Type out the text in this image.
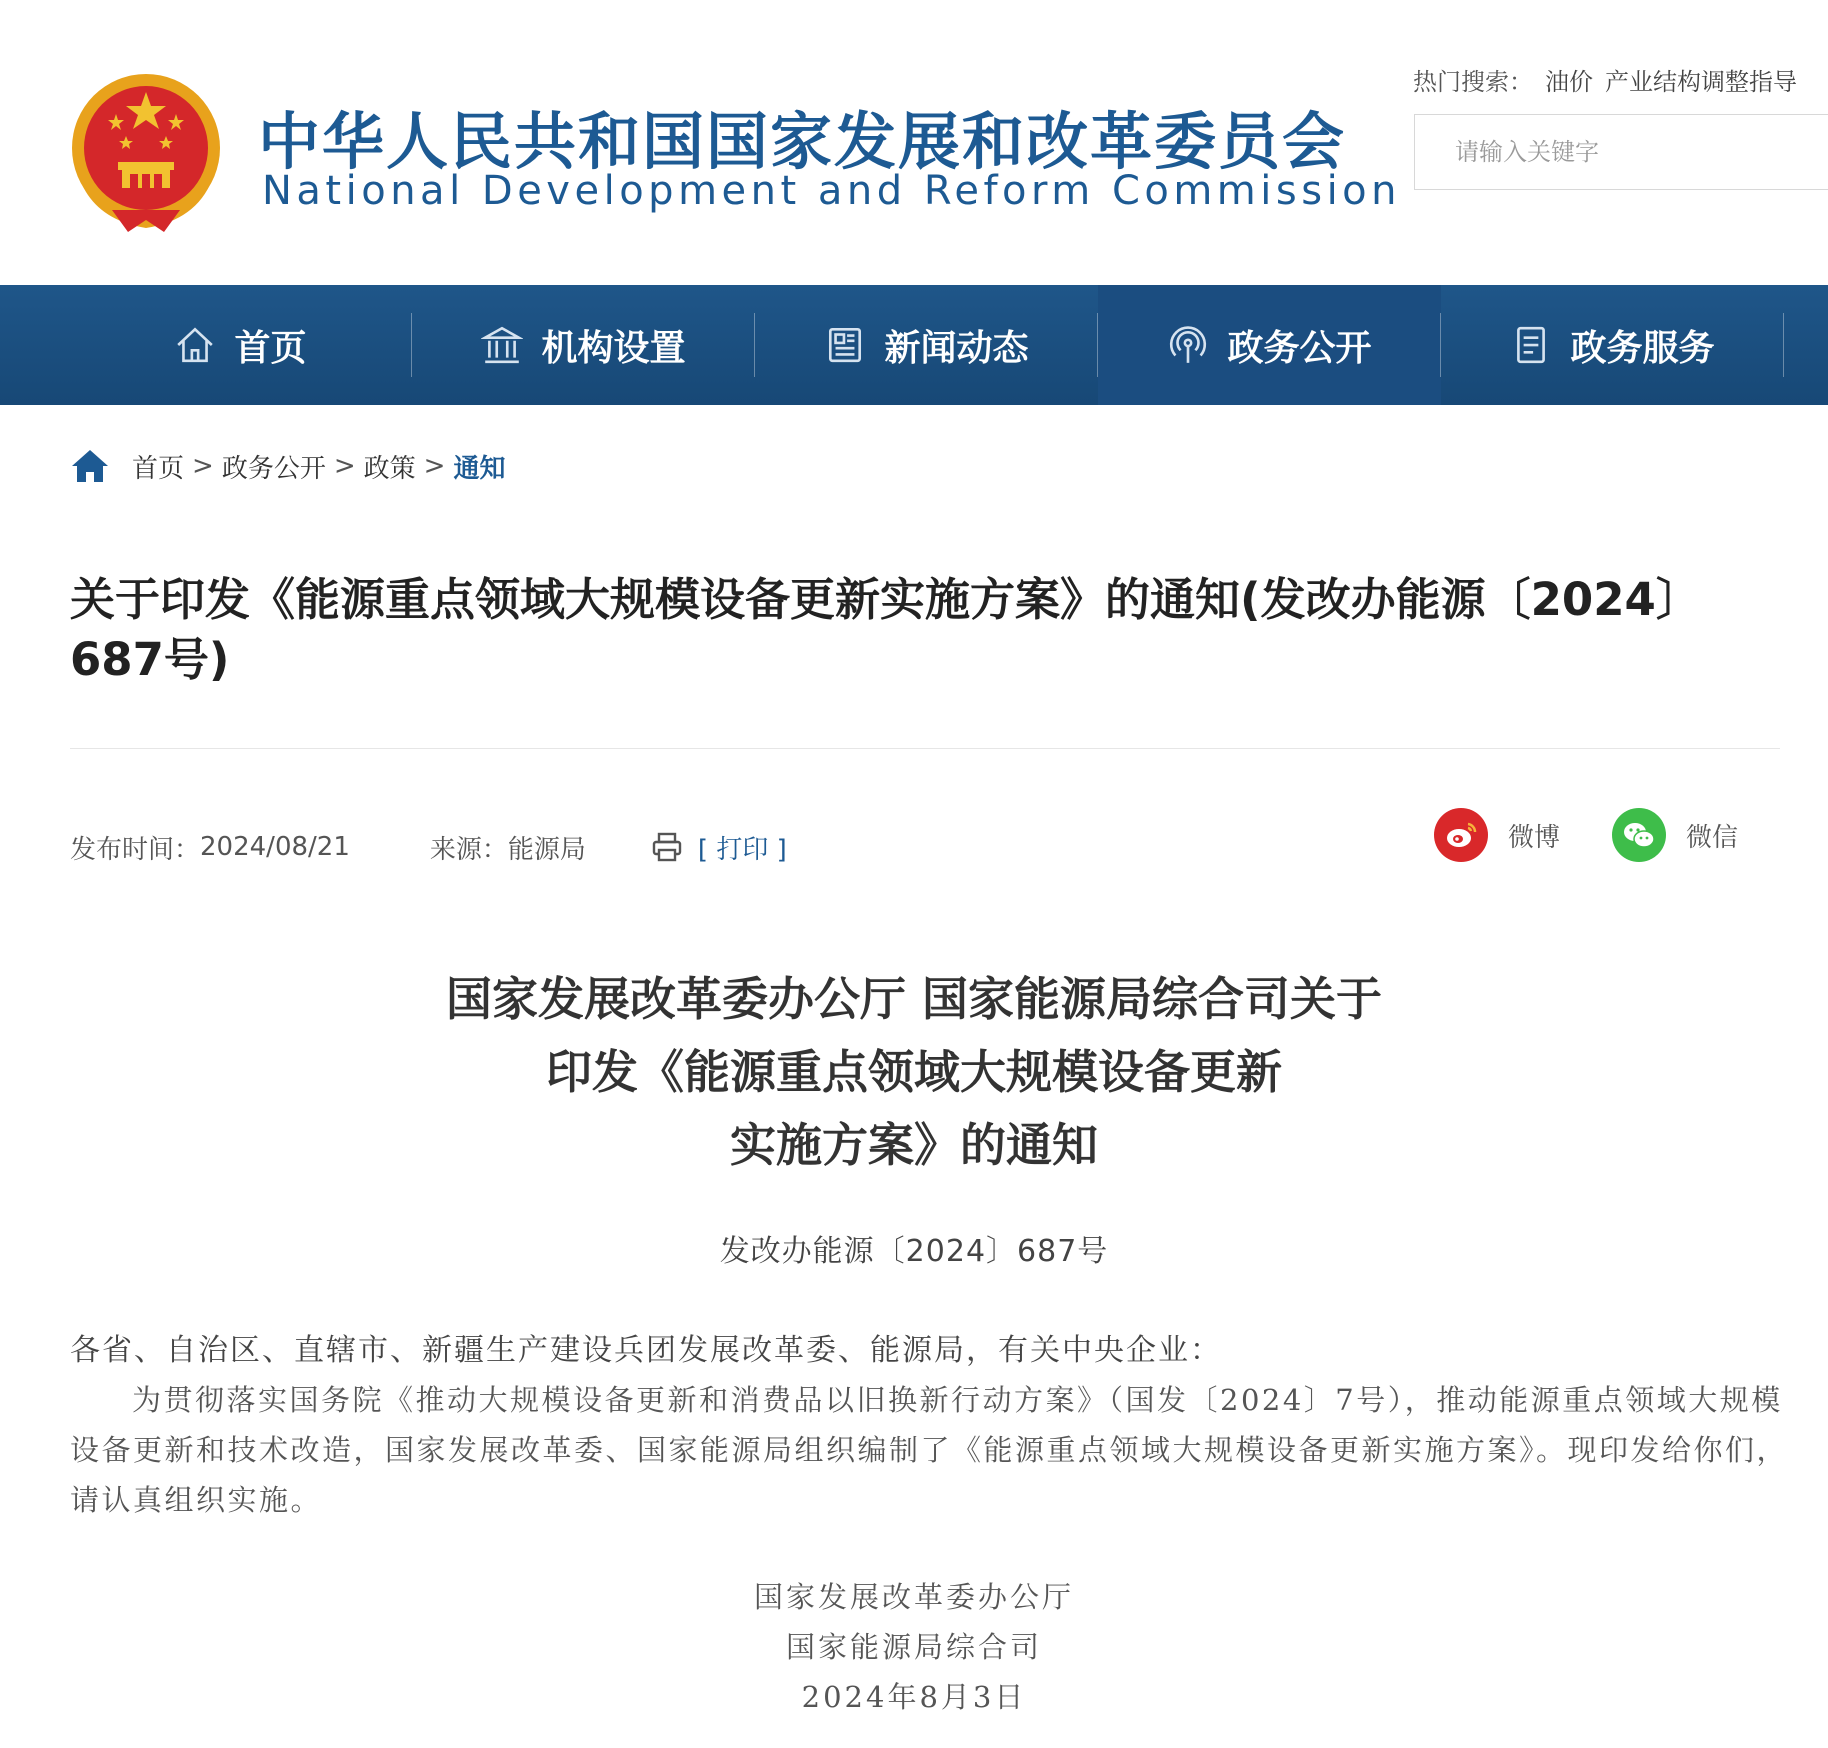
中华人民共和国国家发展和改革委员会
National Development and Reform Commission
热门搜索： 油价 产业结构调整指导
请输入关键字
首页	机构设置	新闻动态	政务公开	政务服务
首页 > 政务公开 > 政策 > 通知
关于印发《能源重点领域大规模设备更新实施方案》的通知(发改办能源〔2024〕687号)
发布时间： 2024/08/21	来源： 能源局	[ 打印 ]	微博	微信
国家发展改革委办公厅 国家能源局综合司关于
印发《能源重点领域大规模设备更新
实施方案》的通知
发改办能源〔2024〕687号
各省、自治区、直辖市、新疆生产建设兵团发展改革委、能源局，有关中央企业：
为贯彻落实国务院《推动大规模设备更新和消费品以旧换新行动方案》（国发〔2024〕7号），推动能源重点领域大规模设备更新和技术改造，国家发展改革委、国家能源局组织编制了《能源重点领域大规模设备更新实施方案》。现印发给你们，请认真组织实施。
国家发展改革委办公厅
国家能源局综合司
2024年8月3日
